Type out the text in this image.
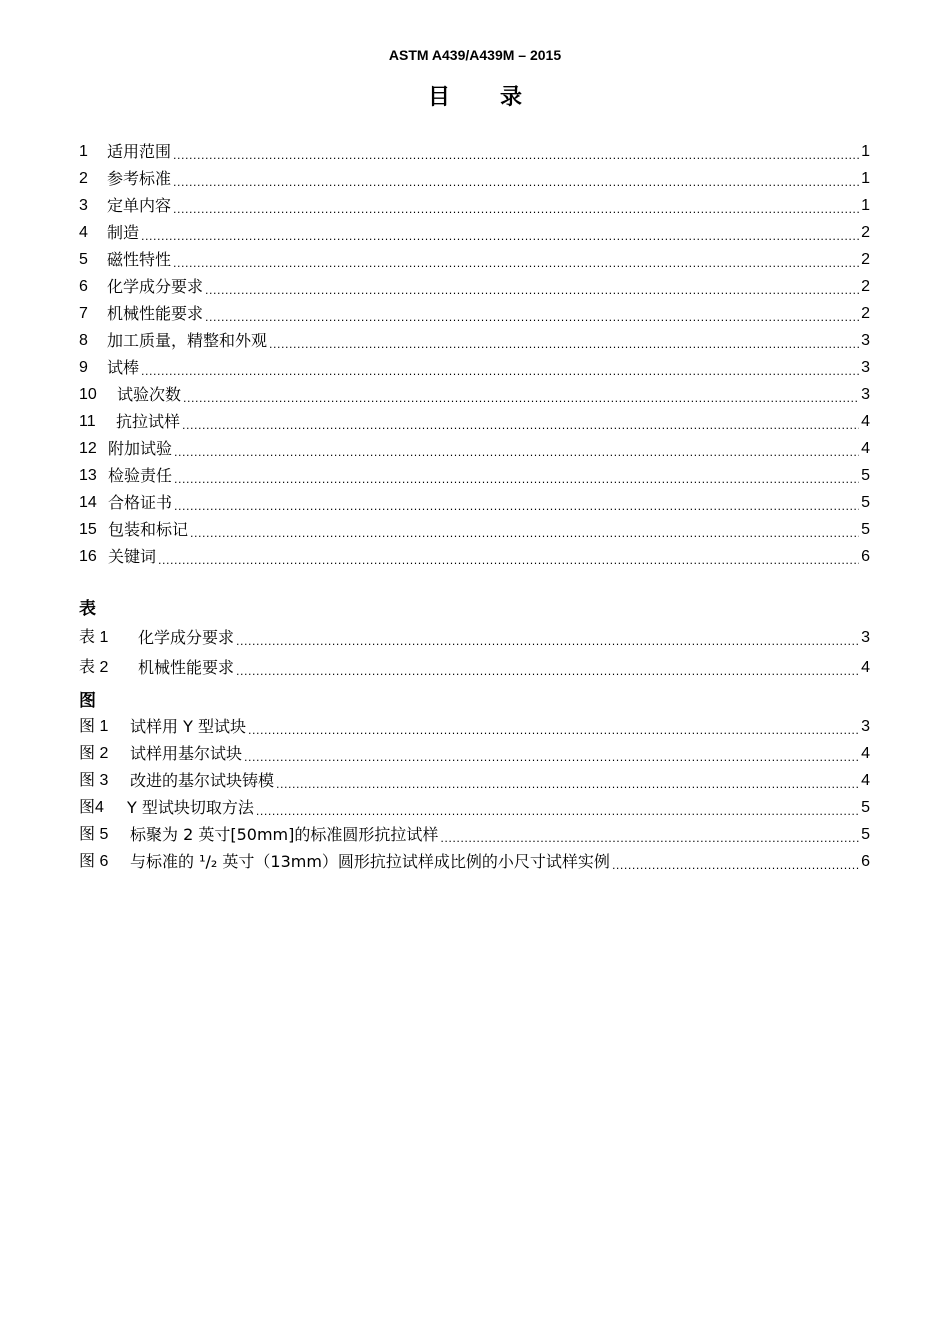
ASTM A439/A439M – 2015
目 录
1	适用范围 .....	1
2	参考标准 .....	1
3	定单内容 .....	1
4	制造 .....	2
5	磁性特性 .....	2
6	化学成分要求 .....	2
7	机械性能要求 .....	2
8	加工质量，精整和外观 .....	3
9	试棒 .....	3
10	试验次数 .....	3
11	抗拉试样 .....	4
12 附加试验 .....	4
13 检验责任 .....	5
14 合格证书 .....	5
15 包装和标记 .....	5
16 关键词 .....	6
表
表 1	化学成分要求 .....	3
表 2	机械性能要求 .....	4
图
图 1	试样用 Y 型试块 .....	3
图 2	试样用基尔试块 .....	4
图 3	改进的基尔试块铸模 .....	4
图4	Y 型试块切取方法 .....	5
图 5	标聚为 2 英寸[50mm]的标准圆形抗拉试样 .....	5
图 6	与标准的 ¹/₂ 英寸（13mm）圆形抗拉试样成比例的小尺寸试样实例 .....	6
